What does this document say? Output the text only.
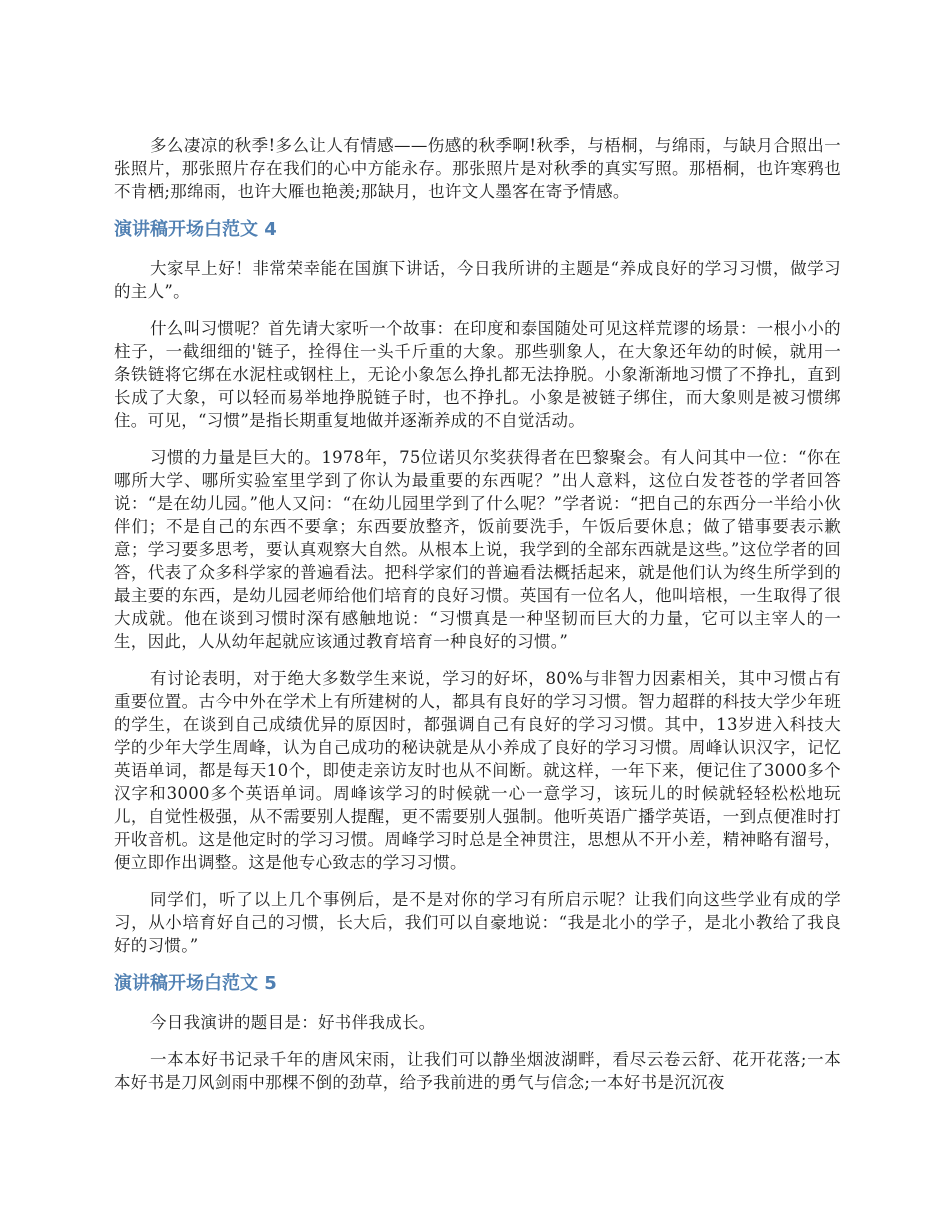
多么凄凉的秋季!多么让人有情感——伤感的秋季啊!秋季，与梧桐，与绵雨，与缺月合照出一张照片，那张照片存在我们的心中方能永存。那张照片是对秋季的真实写照。那梧桐，也许寒鸦也不肯栖;那绵雨，也许大雁也艳羡;那缺月，也许文人墨客在寄予情感。

演讲稿开场白范文 4

大家早上好！非常荣幸能在国旗下讲话，今日我所讲的主题是“养成良好的学习习惯，做学习的主人”。

什么叫习惯呢？首先请大家听一个故事：在印度和泰国随处可见这样荒谬的场景：一根小小的柱子，一截细细的'链子，拴得住一头千斤重的大象。那些驯象人，在大象还年幼的时候，就用一条铁链将它绑在水泥柱或钢柱上，无论小象怎么挣扎都无法挣脱。小象渐渐地习惯了不挣扎，直到长成了大象，可以轻而易举地挣脱链子时，也不挣扎。小象是被链子绑住，而大象则是被习惯绑住。可见，“习惯”是指长期重复地做并逐渐养成的不自觉活动。

习惯的力量是巨大的。1978年，75位诺贝尔奖获得者在巴黎聚会。有人问其中一位：“你在哪所大学、哪所实验室里学到了你认为最重要的东西呢？”出人意料，这位白发苍苍的学者回答说：“是在幼儿园。”他人又问：“在幼儿园里学到了什么呢？”学者说：“把自己的东西分一半给小伙伴们；不是自己的东西不要拿；东西要放整齐，饭前要洗手，午饭后要休息；做了错事要表示歉意；学习要多思考，要认真观察大自然。从根本上说，我学到的全部东西就是这些。”这位学者的回答，代表了众多科学家的普遍看法。把科学家们的普遍看法概括起来，就是他们认为终生所学到的最主要的东西，是幼儿园老师给他们培育的良好习惯。英国有一位名人，他叫培根，一生取得了很大成就。他在谈到习惯时深有感触地说：“习惯真是一种坚韧而巨大的力量，它可以主宰人的一生，因此，人从幼年起就应该通过教育培育一种良好的习惯。”

有讨论表明，对于绝大多数学生来说，学习的好坏，80%与非智力因素相关，其中习惯占有重要位置。古今中外在学术上有所建树的人，都具有良好的学习习惯。智力超群的科技大学少年班的学生，在谈到自己成绩优异的原因时，都强调自己有良好的学习习惯。其中，13岁进入科技大学的少年大学生周峰，认为自己成功的秘诀就是从小养成了良好的学习习惯。周峰认识汉字，记忆英语单词，都是每天10个，即使走亲访友时也从不间断。就这样，一年下来，便记住了3000多个汉字和3000多个英语单词。周峰该学习的时候就一心一意学习，该玩儿的时候就轻轻松松地玩儿，自觉性极强，从不需要别人提醒，更不需要别人强制。他听英语广播学英语，一到点便准时打开收音机。这是他定时的学习习惯。周峰学习时总是全神贯注，思想从不开小差，精神略有溜号，便立即作出调整。这是他专心致志的学习习惯。

同学们，听了以上几个事例后，是不是对你的学习有所启示呢？让我们向这些学业有成的学习，从小培育好自己的习惯，长大后，我们可以自豪地说：“我是北小的学子，是北小教给了我良好的习惯。”

演讲稿开场白范文 5

今日我演讲的题目是：好书伴我成长。

一本本好书记录千年的唐风宋雨，让我们可以静坐烟波湖畔，看尽云卷云舒、花开花落;一本本好书是刀风剑雨中那棵不倒的劲草，给予我前进的勇气与信念;一本好书是沉沉夜
